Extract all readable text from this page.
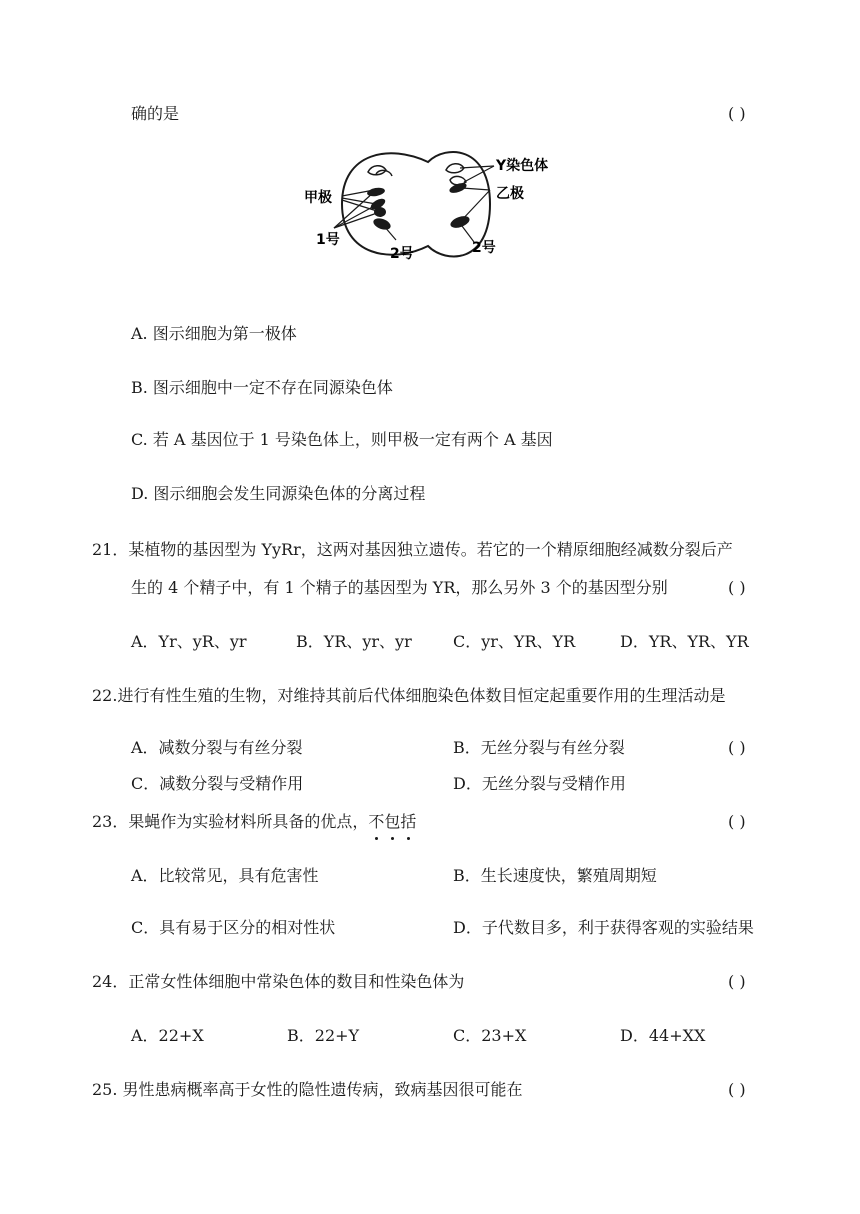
确的是	( )
Y染色体
乙极
甲极
1号
2号	2号
A. 图示细胞为第一极体
B. 图示细胞中一定不存在同源染色体
C. 若 A 基因位于 1 号染色体上，则甲极一定有两个 A 基因
D. 图示细胞会发生同源染色体的分离过程
21．某植物的基因型为 YyRr，这两对基因独立遗传。若它的一个精原细胞经减数分裂后产
生的 4 个精子中，有 1 个精子的基因型为 YR，那么另外 3 个的基因型分别	( )
A．Yr、yR、yr	B．YR、yr、yr	C．yr、YR、YR	D．YR、YR、YR
22.进行有性生殖的生物，对维持其前后代体细胞染色体数目恒定起重要作用的生理活动是
A．减数分裂与有丝分裂	B．无丝分裂与有丝分裂	( )
C．减数分裂与受精作用	D．无丝分裂与受精作用
23．果蝇作为实验材料所具备的优点，不包括	( )
A．比较常见，具有危害性	B．生长速度快，繁殖周期短
C．具有易于区分的相对性状	D．子代数目多，利于获得客观的实验结果
24．正常女性体细胞中常染色体的数目和性染色体为	( )
A．22+X	B．22+Y	C．23+X	D．44+XX
25. 男性患病概率高于女性的隐性遗传病，致病基因很可能在	( )
